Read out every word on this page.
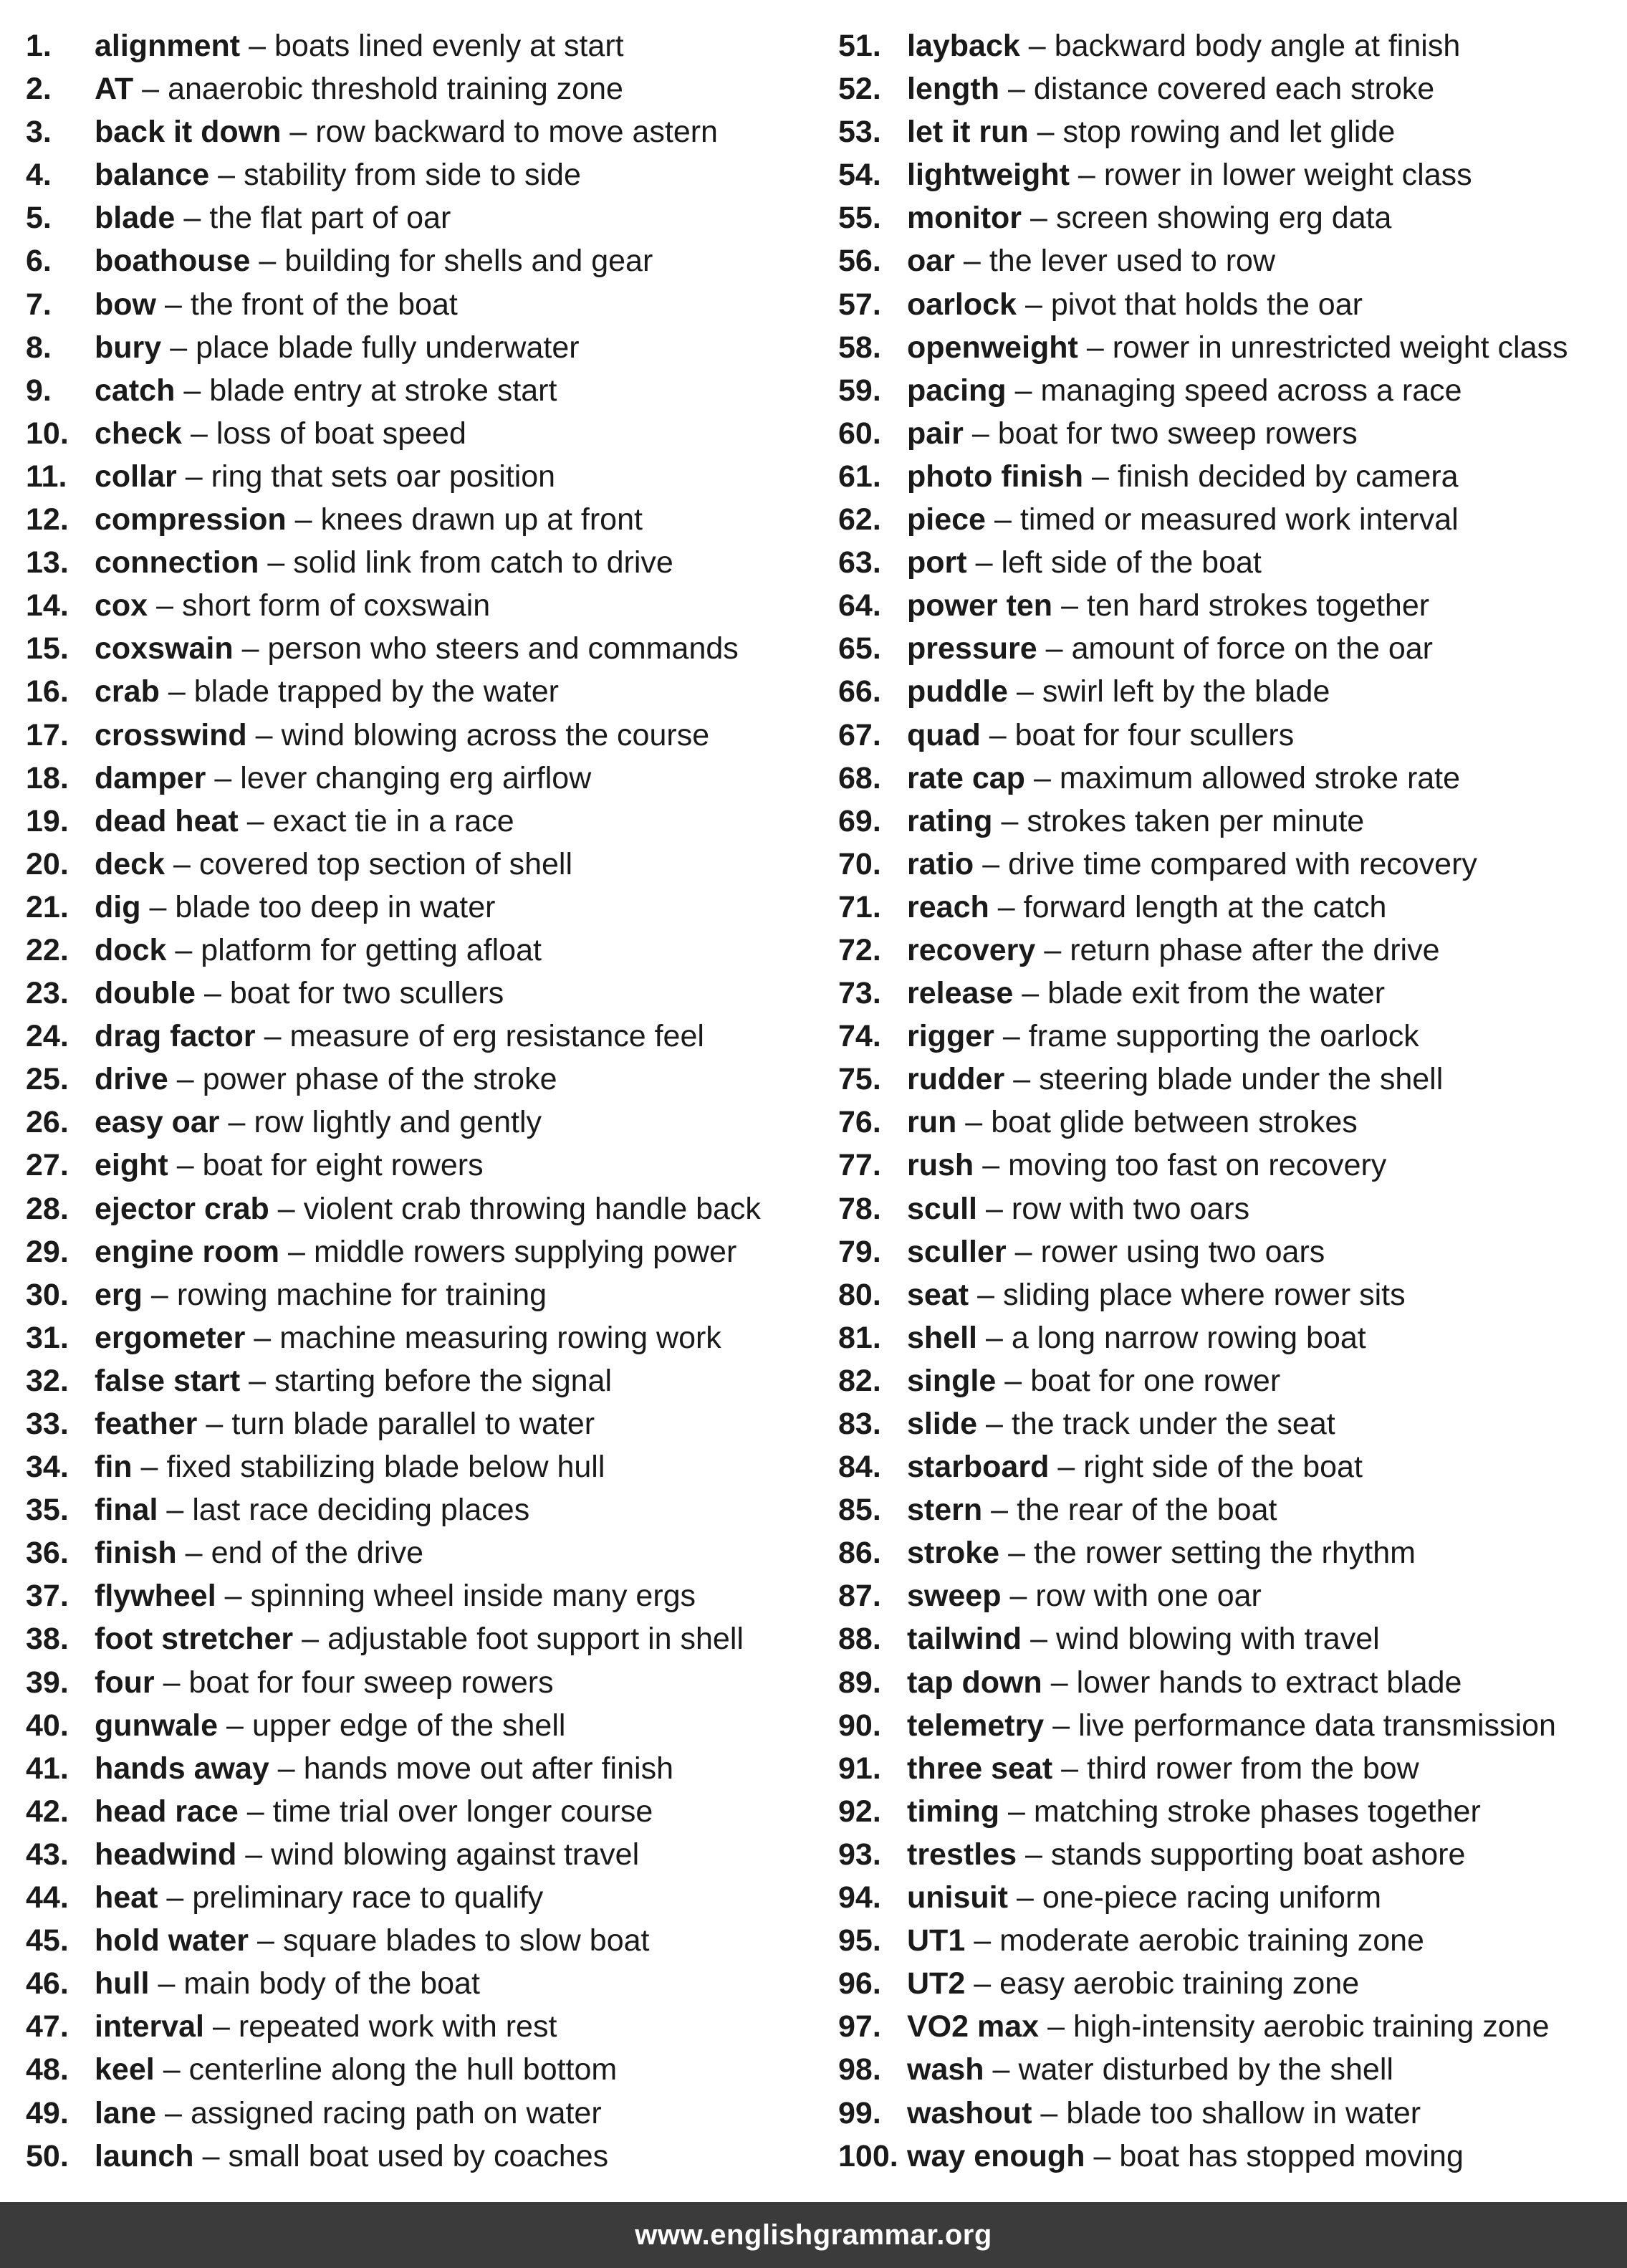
1.	alignment – boats lined evenly at start
2.	AT – anaerobic threshold training zone
3.	back it down – row backward to move astern
4.	balance – stability from side to side
5.	blade – the flat part of oar
6.	boathouse – building for shells and gear
7.	bow – the front of the boat
8.	bury – place blade fully underwater
9.	catch – blade entry at stroke start
10. check – loss of boat speed
11. collar – ring that sets oar position
12. compression – knees drawn up at front
13. connection – solid link from catch to drive
14. cox – short form of coxswain
15. coxswain – person who steers and commands
16. crab – blade trapped by the water
17. crosswind – wind blowing across the course
18. damper – lever changing erg airflow
19. dead heat – exact tie in a race
20. deck – covered top section of shell
21. dig – blade too deep in water
22. dock – platform for getting afloat
23. double – boat for two scullers
24. drag factor – measure of erg resistance feel
25. drive – power phase of the stroke
26. easy oar – row lightly and gently
27. eight – boat for eight rowers
28. ejector crab – violent crab throwing handle back
29. engine room – middle rowers supplying power
30. erg – rowing machine for training
31. ergometer – machine measuring rowing work
32. false start – starting before the signal
33. feather – turn blade parallel to water
34. fin – fixed stabilizing blade below hull
35. final – last race deciding places
36. finish – end of the drive
37. flywheel – spinning wheel inside many ergs
38. foot stretcher – adjustable foot support in shell
39. four – boat for four sweep rowers
40. gunwale – upper edge of the shell
41. hands away – hands move out after finish
42. head race – time trial over longer course
43. headwind – wind blowing against travel
44. heat – preliminary race to qualify
45. hold water – square blades to slow boat
46. hull – main body of the boat
47. interval – repeated work with rest
48. keel – centerline along the hull bottom
49. lane – assigned racing path on water
50. launch – small boat used by coaches
51. layback – backward body angle at finish
52. length – distance covered each stroke
53. let it run – stop rowing and let glide
54. lightweight – rower in lower weight class
55. monitor – screen showing erg data
56. oar – the lever used to row
57. oarlock – pivot that holds the oar
58. openweight – rower in unrestricted weight class
59. pacing – managing speed across a race
60. pair – boat for two sweep rowers
61. photo finish – finish decided by camera
62. piece – timed or measured work interval
63. port – left side of the boat
64. power ten – ten hard strokes together
65. pressure – amount of force on the oar
66. puddle – swirl left by the blade
67. quad – boat for four scullers
68. rate cap – maximum allowed stroke rate
69. rating – strokes taken per minute
70. ratio – drive time compared with recovery
71. reach – forward length at the catch
72. recovery – return phase after the drive
73. release – blade exit from the water
74. rigger – frame supporting the oarlock
75. rudder – steering blade under the shell
76. run – boat glide between strokes
77. rush – moving too fast on recovery
78. scull – row with two oars
79. sculler – rower using two oars
80. seat – sliding place where rower sits
81. shell – a long narrow rowing boat
82. single – boat for one rower
83. slide – the track under the seat
84. starboard – right side of the boat
85. stern – the rear of the boat
86. stroke – the rower setting the rhythm
87. sweep – row with one oar
88. tailwind – wind blowing with travel
89. tap down – lower hands to extract blade
90. telemetry – live performance data transmission
91. three seat – third rower from the bow
92. timing – matching stroke phases together
93. trestles – stands supporting boat ashore
94. unisuit – one-piece racing uniform
95. UT1 – moderate aerobic training zone
96. UT2 – easy aerobic training zone
97. VO2 max – high-intensity aerobic training zone
98. wash – water disturbed by the shell
99. washout – blade too shallow in water
100. way enough – boat has stopped moving
www.englishgrammar.org
